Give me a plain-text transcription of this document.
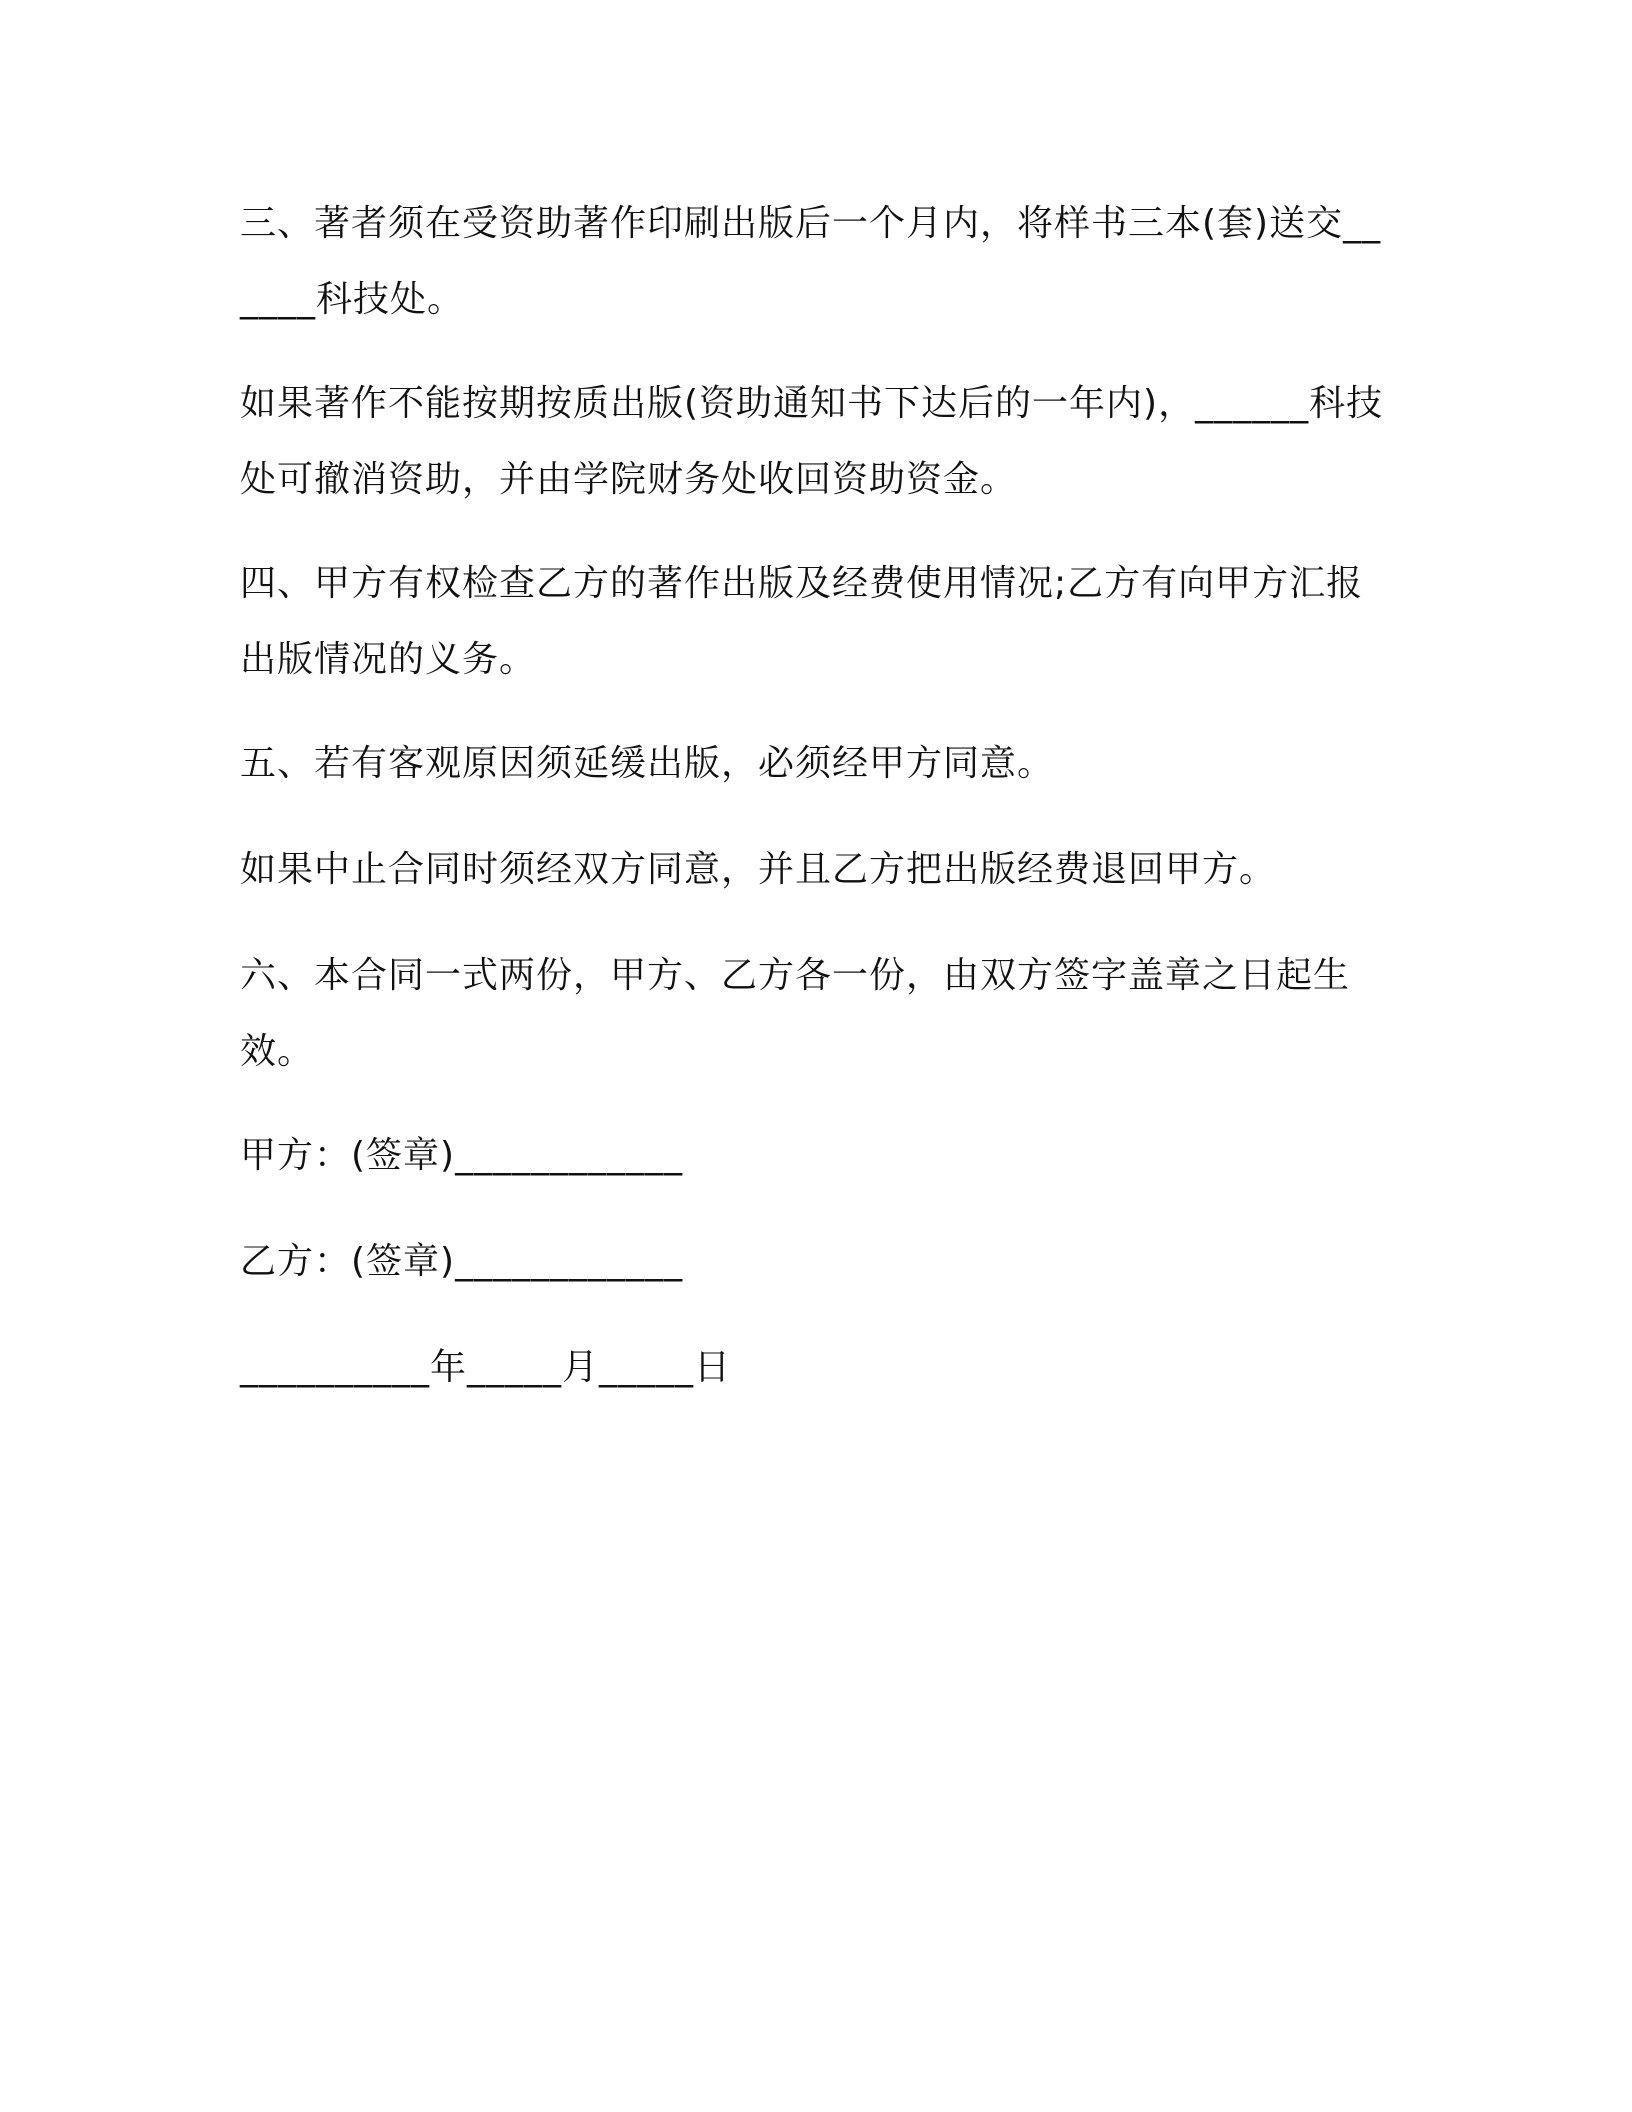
三、著者须在受资助著作印刷出版后一个月内，将样书三本(套)送交______科技处。

如果著作不能按期按质出版(资助通知书下达后的一年内)，______科技处可撤消资助，并由学院财务处收回资助资金。

四、甲方有权检查乙方的著作出版及经费使用情况;乙方有向甲方汇报出版情况的义务。

五、若有客观原因须延缓出版，必须经甲方同意。

如果中止合同时须经双方同意，并且乙方把出版经费退回甲方。

六、本合同一式两份，甲方、乙方各一份，由双方签字盖章之日起生效。

甲方：(签章)____________

乙方：(签章)____________

__________年_____月_____日
